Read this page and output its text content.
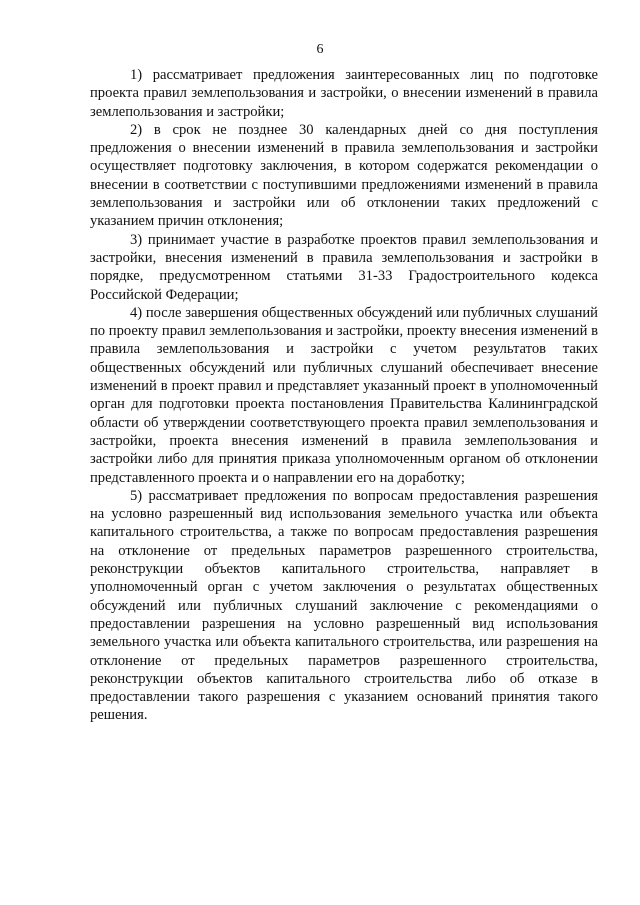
6

1) рассматривает предложения заинтересованных лиц по подготовке проекта правил землепользования и застройки, о внесении изменений в правила землепользования и застройки;

2) в срок не позднее 30 календарных дней со дня поступления предложения о внесении изменений в правила землепользования и застройки осуществляет подготовку заключения, в котором содержатся рекомендации о внесении в соответствии с поступившими предложениями изменений в правила землепользования и застройки или об отклонении таких предложений с указанием причин отклонения;

3) принимает участие в разработке проектов правил землепользования и застройки, внесения изменений в правила землепользования и застройки в порядке, предусмотренном статьями 31-33 Градостроительного кодекса Российской Федерации;

4) после завершения общественных обсуждений или публичных слушаний по проекту правил землепользования и застройки, проекту внесения изменений в правила землепользования и застройки с учетом результатов таких общественных обсуждений или публичных слушаний обеспечивает внесение изменений в проект правил и представляет указанный проект в уполномоченный орган для подготовки проекта постановления Правительства Калининградской области об утверждении соответствующего проекта правил землепользования и застройки, проекта внесения изменений в правила землепользования и застройки либо для принятия приказа уполномоченным органом об отклонении представленного проекта и о направлении его на доработку;

5) рассматривает предложения по вопросам предоставления разрешения на условно разрешенный вид использования земельного участка или объекта капитального строительства, а также по вопросам предоставления разрешения на отклонение от предельных параметров разрешенного строительства, реконструкции объектов капитального строительства, направляет в уполномоченный орган с учетом заключения о результатах общественных обсуждений или публичных слушаний заключение с рекомендациями о предоставлении разрешения на условно разрешенный вид использования земельного участка или объекта капитального строительства, или разрешения на отклонение от предельных параметров разрешенного строительства, реконструкции объектов капитального строительства либо об отказе в предоставлении такого разрешения с указанием оснований принятия такого решения.
